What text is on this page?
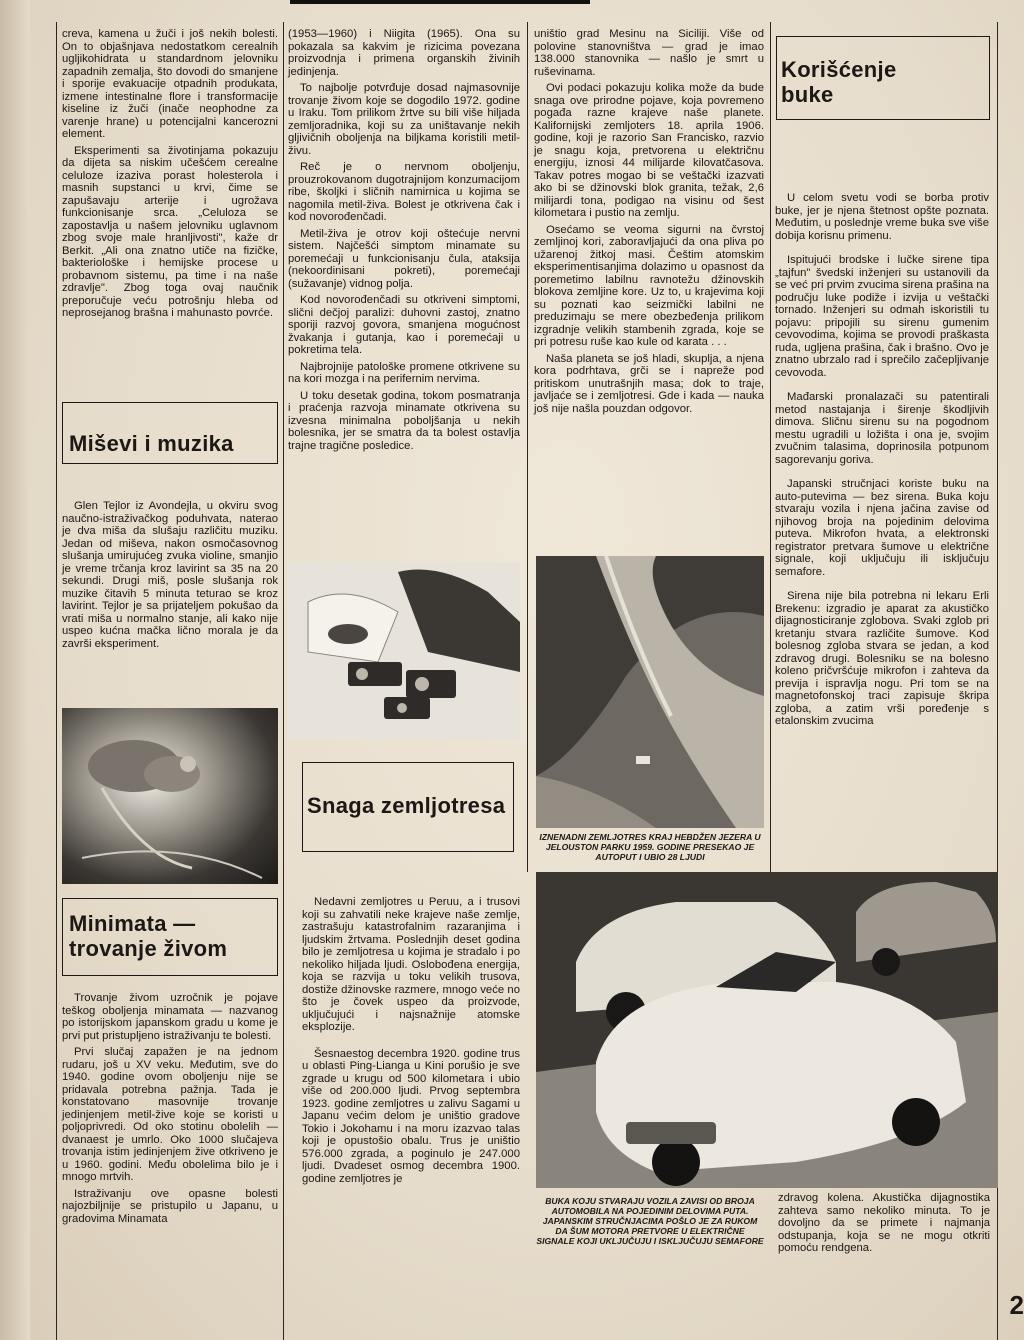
creva, kamena u žuči i još nekih bolesti. On to objašnjava nedostatkom cerealnih ugljikohidrata u standardnom jelovniku zapadnih zemalja, što dovodi do smanjene i sporije evakuacije otpadnih produkata, izmene intestinalne flore i transformacije kiseline iz žuči (inače neophodne za varenje hrane) u potencijalni kancerozni element.

Eksperimenti sa životinjama pokazuju da dijeta sa niskim učešćem cerealne celuloze izaziva porast holesterola i masnih supstanci u krvi, čime se zapušavaju arterije i ugrožava funkcionisanje srca. „Celuloza se zapostavlja u našem jelovniku uglavnom zbog svoje male hranljivosti", kaže dr Berkit. „Ali ona znatno utiče na fizičke, bakteriološke i hemijske procese u probavnom sistemu, pa time i na naše zdravlje". Zbog toga ovaj naučnik preporučuje veću potrošnju hleba od neprosejanog brašna i mahunasto povrće.

Miševi i muzika

Glen Tejlor iz Avondejla, u okviru svog naučno-istraživačkog poduhvata, naterao je dva miša da slušaju različitu muziku. Jedan od miševa, nakon osmočasovnog slušanja umirujućeg zvuka violine, smanjio je vreme trčanja kroz lavirint sa 35 na 20 sekundi. Drugi miš, posle slušanja rok muzike čitavih 5 minuta teturao se kroz lavirint. Tejlor je sa prijateljem pokušao da vrati miša u normalno stanje, ali kako nije uspeo kućna mačka lično morala je da završi eksperiment.

Minimata — trovanje živom

Trovanje živom uzročnik je pojave teškog oboljenja minamata — nazvanog po istorijskom japanskom gradu u kome je prvi put pristupljeno istraživanju te bolesti.

Prvi slučaj zapažen je na jednom rudaru, još u XV veku. Međutim, sve do 1940. godine ovom oboljenju nije se pridavala potrebna pažnja. Tada je konstatovano masovnije trovanje jedinjenjem metil-žive koje se koristi u poljoprivredi. Od oko stotinu obolelih — dvanaest je umrlo. Oko 1000 slučajeva trovanja istim jedinjenjem žive otkriveno je u 1960. godini. Među obolelima bilo je i mnogo mrtvih.

Istraživanju ove opasne bolesti najozbiljnije se pristupilo u Japanu, u gradovima Minamata

(1953—1960) i Niigita (1965). Ona su pokazala sa kakvim je rizicima povezana proizvodnja i primena organskih živinih jedinjenja.

To najbolje potvrđuje dosad najmasovnije trovanje živom koje se dogodilo 1972. godine u Iraku. Tom prilikom žrtve su bili više hiljada zemljoradnika, koji su za uništavanje nekih gljivičnih oboljenja na biljkama koristili metil-živu.

Reč je o nervnom oboljenju, prouzrokovanom dugotrajnijom konzumacijom ribe, školjki i sličnih namirnica u kojima se nagomila metil-živa. Bolest je otkrivena čak i kod novorođenčadi.

Metil-živa je otrov koji oštećuje nervni sistem. Najčešći simptom minamate su poremećaji u funkcionisanju čula, ataksija (nekoordinisani pokreti), poremećaji (sužavanje) vidnog polja.

Kod novorođenčadi su otkriveni simptomi, slični dečjoj paralizi: duhovni zastoj, znatno sporiji razvoj govora, smanjena mogućnost žvakanja i gutanja, kao i poremećaji u pokretima tela.

Najbrojnije patološke promene otkrivene su na kori mozga i na perifernim nervima.

U toku desetak godina, tokom posmatranja i praćenja razvoja minamate otkrivena su izvesna minimalna poboljšanja u nekih bolesnika, jer se smatra da ta bolest ostavlja trajne tragične posledice.

Snaga zemljotresa

Nedavni zemljotres u Peruu, a i trusovi koji su zahvatili neke krajeve naše zemlje, zastrašuju katastrofalnim razaranjima i ljudskim žrtvama. Poslednjih deset godina bilo je zemljotresa u kojima je stradalo i po nekoliko hiljada ljudi. Oslobođena energija, koja se razvija u toku velikih trusova, dostiže džinovske razmere, mnogo veće no što je čovek uspeo da proizvode, uključujući i najsnažnije atomske eksplozije.

Šesnaestog decembra 1920. godine trus u oblasti Ping-Lianga u Kini porušio je sve zgrade u krugu od 500 kilometara i ubio više od 200.000 ljudi. Prvog septembra 1923. godine zemljotres u zalivu Sagami u Japanu većim delom je uništio gradove Tokio i Jokohamu i na moru izazvao talas koji je opustošio obalu. Trus je uništio 576.000 zgrada, a poginulo je 247.000 ljudi. Dvadeset osmog decembra 1900. godine zemljotres je

uništio grad Mesinu na Siciliji. Više od polovine stanovništva — grad je imao 138.000 stanovnika — našlo je smrt u ruševinama.

Ovi podaci pokazuju kolika može da bude snaga ove prirodne pojave, koja povremeno pogađa razne krajeve naše planete. Kalifornijski zemljoters 18. aprila 1906. godine, koji je razorio San Francisko, razvio je snagu koja, pretvorena u električnu energiju, iznosi 44 milijarde kilovatčasova. Takav potres mogao bi se veštački izazvati ako bi se džinovski blok granita, težak, 2,6 milijardi tona, podigao na visinu od šest kilometara i pustio na zemlju.

Osećamo se veoma sigurni na čvrstoj zemljinoj kori, zaboravljajući da ona pliva po užarenoj žitkoj masi. Češtim atomskim eksperimentisanjima dolazimo u opasnost da poremetimo labilnu ravnotežu džinovskih blokova zemljine kore. Uz to, u krajevima koji su poznati kao seizmički labilni ne preduzimaju se mere obezbeđenja prilikom izgradnje velikih stambenih zgrada, koje se pri potresu ruše kao kule od karata . . .

Naša planeta se još hladi, skuplja, a njena kora podrhtava, grči se i napreže pod pritiskom unutrašnjih masa; dok to traje, javljaće se i zemljotresi. Gde i kada — nauka još nije našla pouzdan odgovor.

IZNENADNI ZEMLJOTRES KRAJ HEBDŽEN JEZERA U JELOUSTON PARKU 1959. GODINE PRESEKAO JE AUTOPUT I UBIO 28 LJUDI
Korišćenje buke

U celom svetu vodi se borba protiv buke, jer je njena štetnost opšte poznata. Međutim, u poslednje vreme buka sve više dobija korisnu primenu.

Ispitujući brodske i lučke sirene tipa „tajfun" švedski inženjeri su ustanovili da se već pri prvim zvucima sirena prašina na području luke podiže i izvija u veštački tornado. Inženjeri su odmah iskoristili tu pojavu: pripojili su sirenu gumenim cevovodima, kojima se provodi praškasta ruda, ugljena prašina, čak i brašno. Ovo je znatno ubrzalo rad i sprečilo začepljivanje cevovoda.

Mađarski pronalazači su patentirali metod nastajanja i širenje škodljivih dimova. Sličnu sirenu su na pogodnom mestu ugradili u ložišta i ona je, svojim zvučnim talasima, doprinosila potpunom sagorevanju goriva.

Japanski stručnjaci koriste buku na auto-putevima — bez sirena. Buka koju stvaraju vozila i njena jačina zavise od njihovog broja na pojedinim delovima puteva. Mikrofon hvata, a elektronski registrator pretvara šumove u električne signale, koji uključuju ili isključuju semafore.

Sirena nije bila potrebna ni lekaru Erli Brekenu: izgradio je aparat za akustičko dijagnosticiranje zglobova. Svaki zglob pri kretanju stvara različite šumove. Kod bolesnog zgloba stvara se jedan, a kod zdravog drugi. Bolesniku se na bolesno koleno pričvršćuje mikrofon i zahteva da previja i ispravlja nogu. Pri tom se na magnetofonskoj traci zapisuje škripa zgloba, a zatim vrši poređenje s etalonskim zvucima

BUKA KOJU STVARAJU VOZILA ZAVISI OD BROJA AUTOMOBILA NA POJEDINIM DELOVIMA PUTA. JAPANSKIM STRUČNJACIMA POŠLO JE ZA RUKOM DA ŠUM MOTORA PRETVORE U ELEKTRIČNE SIGNALE KOJI UKLJUČUJU I ISKLJUČUJU SEMAFORE

zdravog kolena. Akustička dijagnostika zahteva samo nekoliko minuta. To je dovoljno da se primete i najmanja odstupanja, koja se ne mogu otkriti pomoću rendgena.

2
